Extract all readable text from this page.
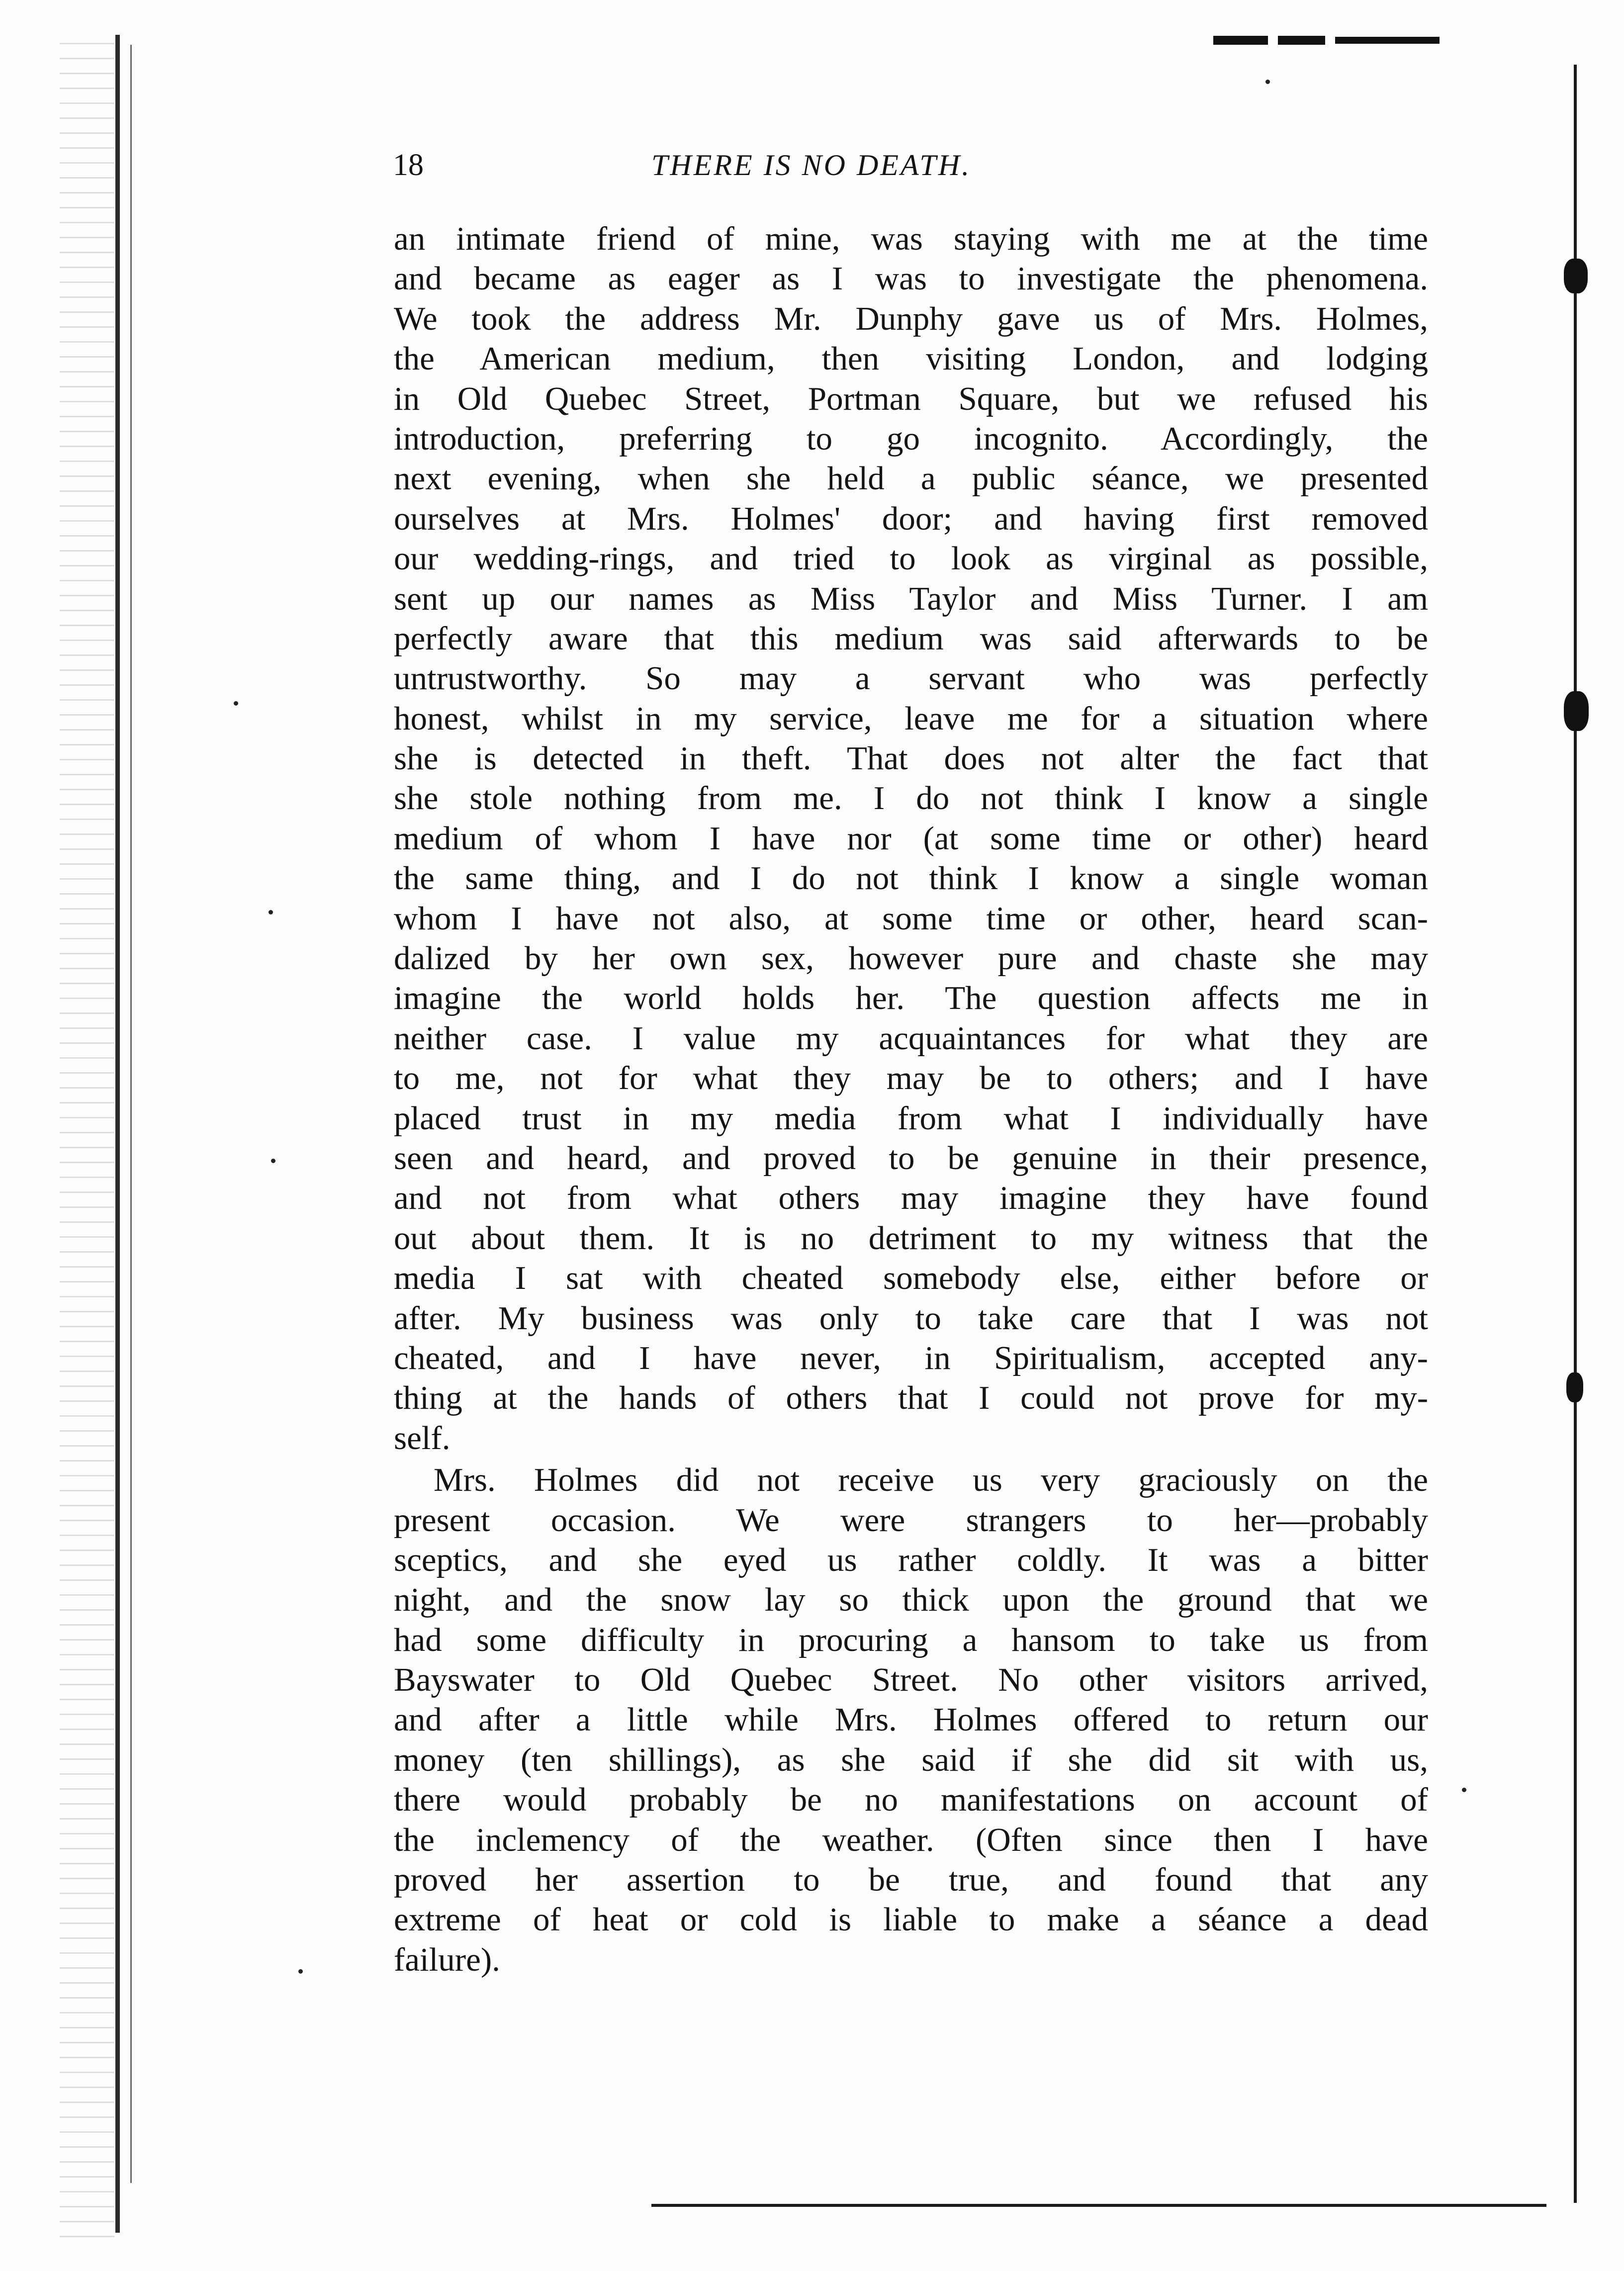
18	THERE IS NO DEATH.
an intimate friend of mine, was staying with me at the time
and became as eager as I was to investigate the phenomena.
We took the address Mr. Dunphy gave us of Mrs. Holmes,
the American medium, then visiting London, and lodging
in Old Quebec Street, Portman Square, but we refused his
introduction, preferring to go incognito. Accordingly, the
next evening, when she held a public séance, we presented
ourselves at Mrs. Holmes' door; and having first removed
our wedding-rings, and tried to look as virginal as possible,
sent up our names as Miss Taylor and Miss Turner. I am
perfectly aware that this medium was said afterwards to be
untrustworthy. So may a servant who was perfectly
honest, whilst in my service, leave me for a situation where
she is detected in theft. That does not alter the fact that
she stole nothing from me. I do not think I know a single
medium of whom I have nor (at some time or other) heard
the same thing, and I do not think I know a single woman
whom I have not also, at some time or other, heard scan-
dalized by her own sex, however pure and chaste she may
imagine the world holds her. The question affects me in
neither case. I value my acquaintances for what they are
to me, not for what they may be to others; and I have
placed trust in my media from what I individually have
seen and heard, and proved to be genuine in their presence,
and not from what others may imagine they have found
out about them. It is no detriment to my witness that the
media I sat with cheated somebody else, either before or
after. My business was only to take care that I was not
cheated, and I have never, in Spiritualism, accepted any-
thing at the hands of others that I could not prove for my-
self.
Mrs. Holmes did not receive us very graciously on the
present occasion. We were strangers to her—probably
sceptics, and she eyed us rather coldly. It was a bitter
night, and the snow lay so thick upon the ground that we
had some difficulty in procuring a hansom to take us from
Bayswater to Old Quebec Street. No other visitors arrived,
and after a little while Mrs. Holmes offered to return our
money (ten shillings), as she said if she did sit with us,
there would probably be no manifestations on account of
the inclemency of the weather. (Often since then I have
proved her assertion to be true, and found that any
extreme of heat or cold is liable to make a séance a dead
failure).
